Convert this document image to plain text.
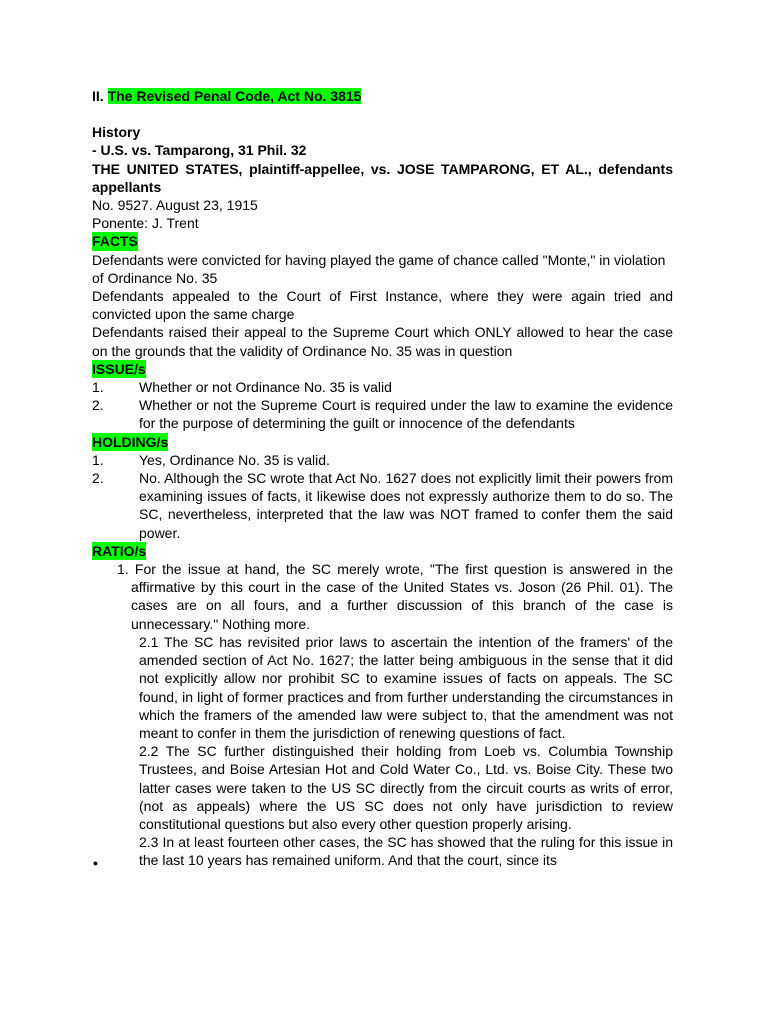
II. The Revised Penal Code, Act No. 3815
History
- U.S. vs. Tamparong, 31 Phil. 32
THE UNITED STATES, plaintiff-appellee, vs. JOSE TAMPARONG, ET AL., defendants appellants
No. 9527. August 23, 1915
Ponente: J. Trent
FACTS
Defendants were convicted for having played the game of chance called "Monte," in violation of Ordinance No. 35
Defendants appealed to the Court of First Instance, where they were again tried and convicted upon the same charge
Defendants raised their appeal to the Supreme Court which ONLY allowed to hear the case on the grounds that the validity of Ordinance No. 35 was in question
ISSUE/s
1.	Whether or not Ordinance No. 35 is valid
2.	Whether or not the Supreme Court is required under the law to examine the evidence for the purpose of determining the guilt or innocence of the defendants
HOLDING/s
1.	Yes, Ordinance No. 35 is valid.
2.	No. Although the SC wrote that Act No. 1627 does not explicitly limit their powers from examining issues of facts, it likewise does not expressly authorize them to do so. The SC, nevertheless, interpreted that the law was NOT framed to confer them the said power.
RATIO/s
1. For the issue at hand, the SC merely wrote, "The first question is answered in the affirmative by this court in the case of the United States vs. Joson (26 Phil. 01). The cases are on all fours, and a further discussion of this branch of the case is unnecessary." Nothing more.
2.1 The SC has revisited prior laws to ascertain the intention of the framers' of the amended section of Act No. 1627; the latter being ambiguous in the sense that it did not explicitly allow nor prohibit SC to examine issues of facts on appeals. The SC found, in light of former practices and from further understanding the circumstances in which the framers of the amended law were subject to, that the amendment was not meant to confer in them the jurisdiction of renewing questions of fact.
2.2 The SC further distinguished their holding from Loeb vs. Columbia Township Trustees, and Boise Artesian Hot and Cold Water Co., Ltd. vs. Boise City. These two latter cases were taken to the US SC directly from the circuit courts as writs of error, (not as appeals) where the US SC does not only have jurisdiction to review constitutional questions but also every other question properly arising.
2.3 In at least fourteen other cases, the SC has showed that the ruling for this issue in the last 10 years has remained uniform. And that the court, since its
•
